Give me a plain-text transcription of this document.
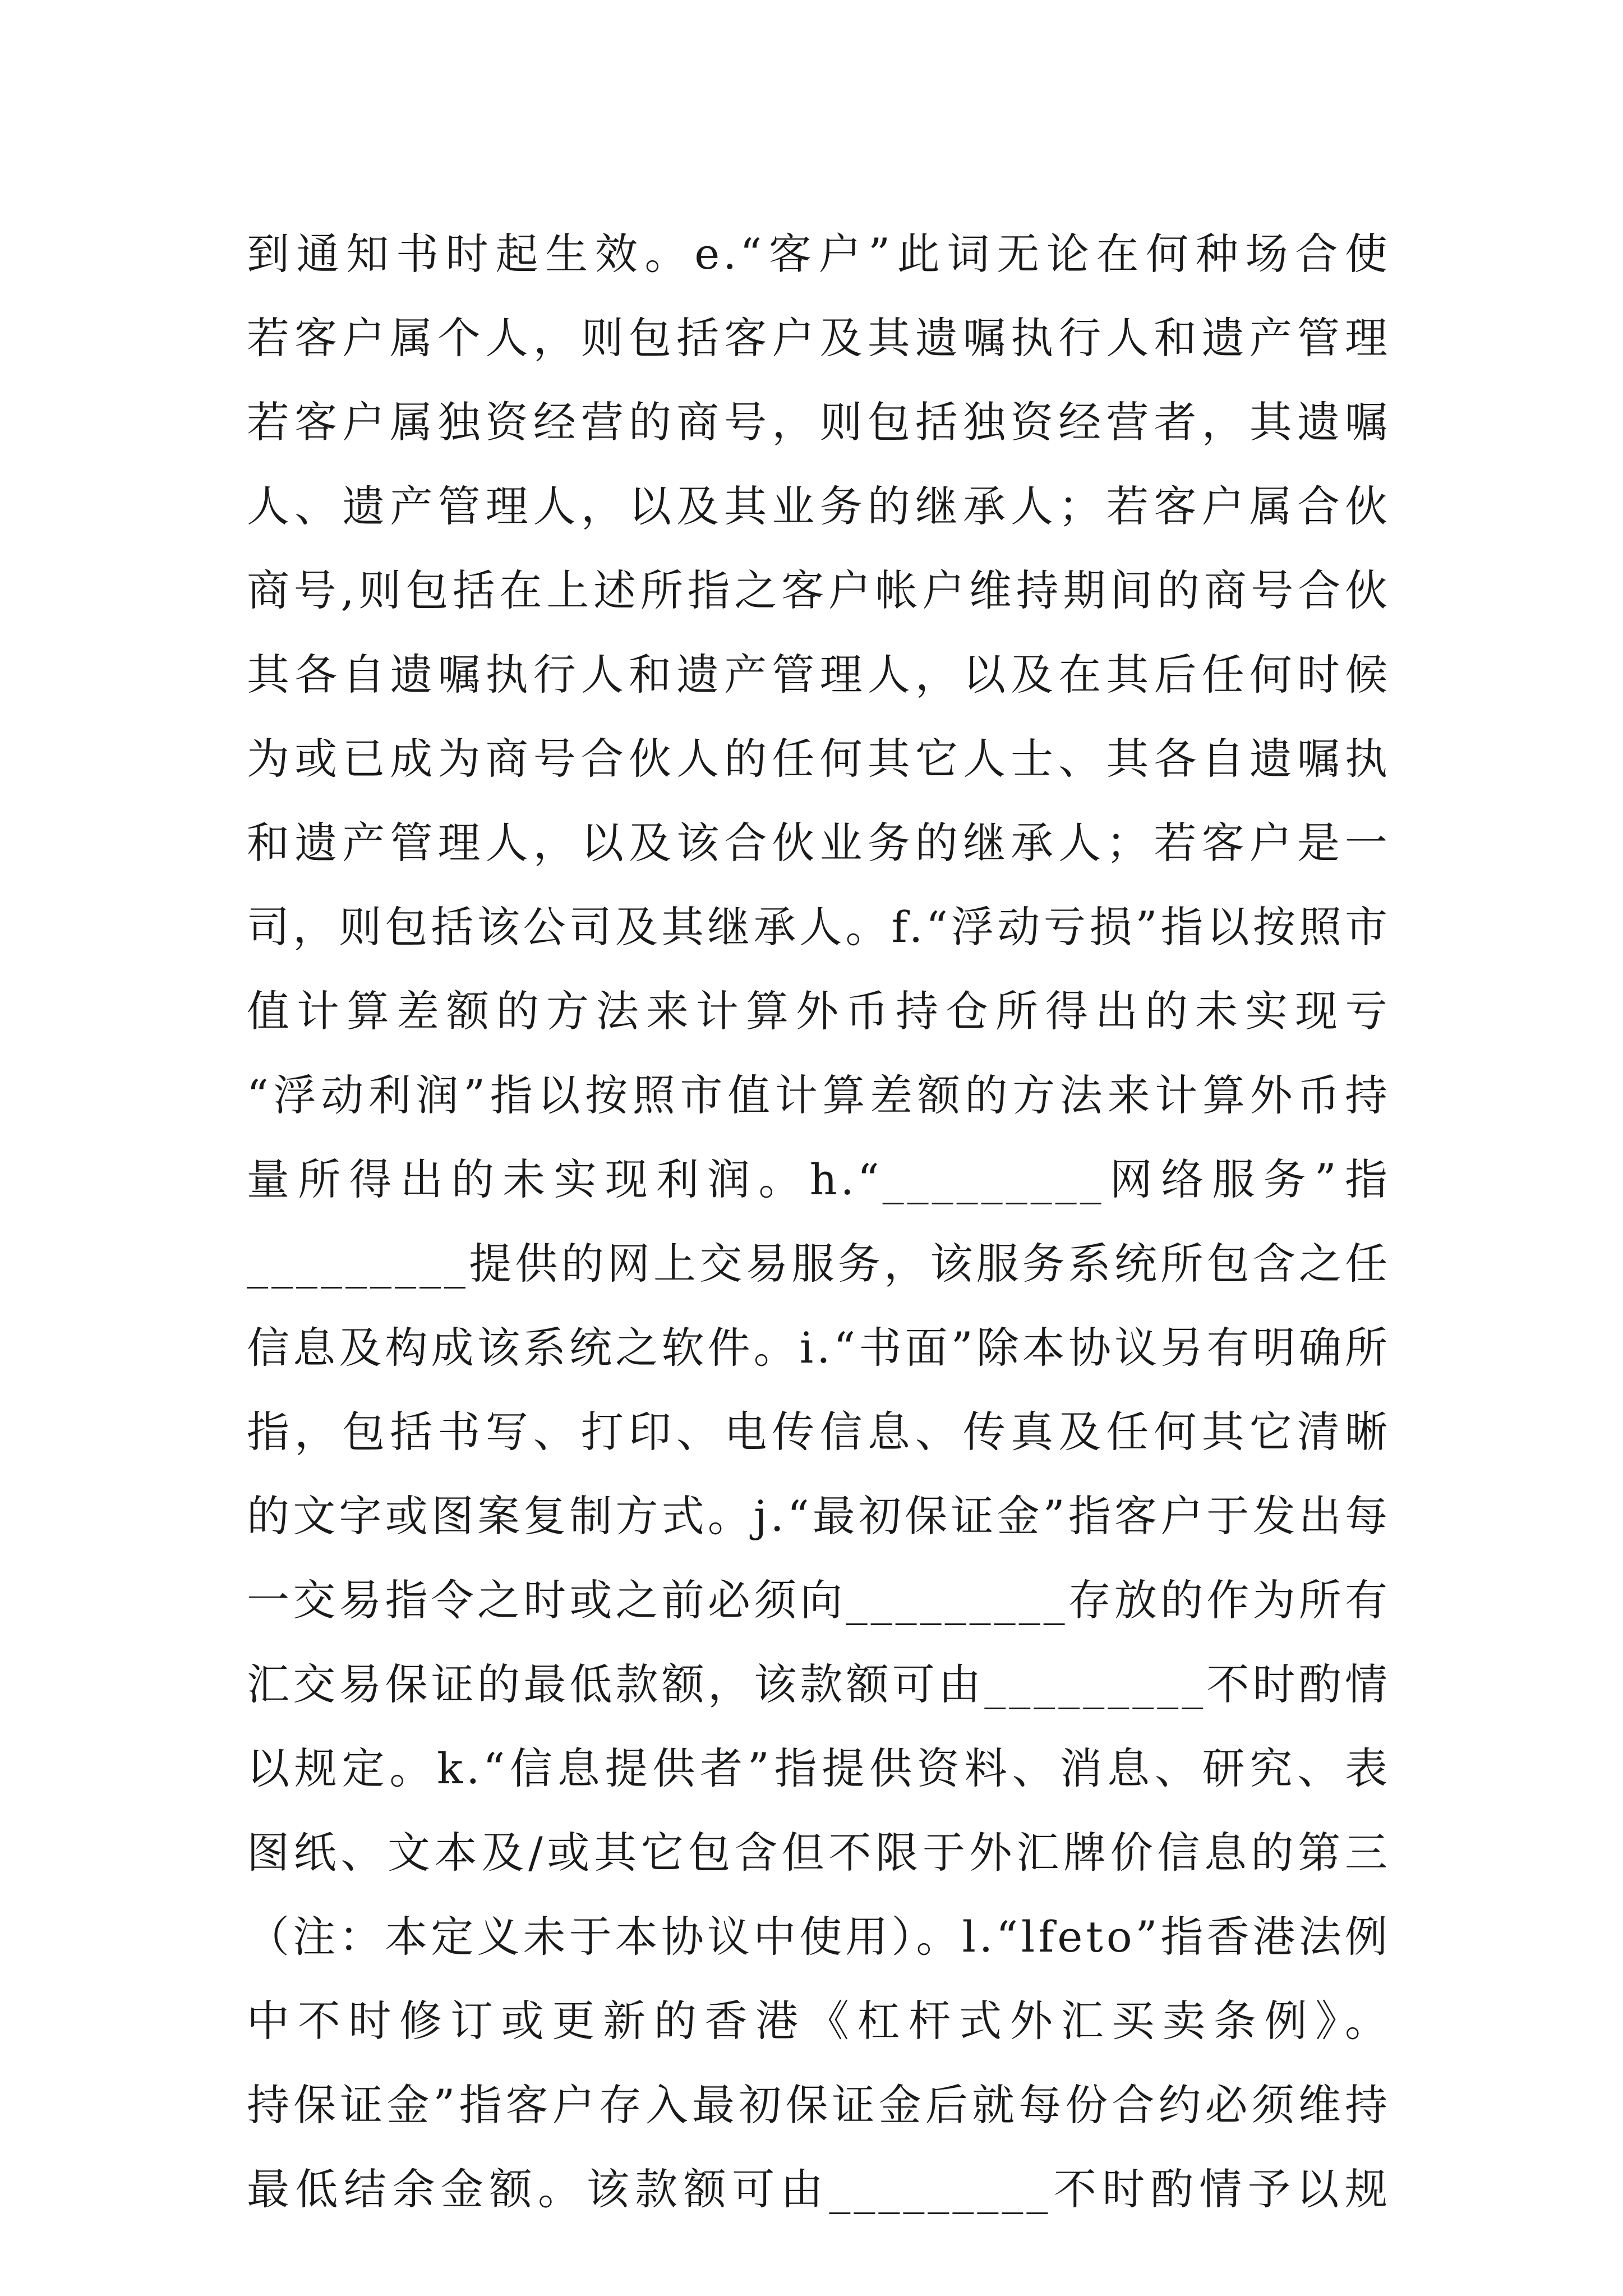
到通知书时起生效。e.“客户”此词无论在何种场合使
若客户属个人，则包括客户及其遗嘱执行人和遗产管理
若客户属独资经营的商号，则包括独资经营者，其遗嘱
人、遗产管理人，以及其业务的继承人；若客户属合伙
商号,则包括在上述所指之客户帐户维持期间的商号合伙
其各自遗嘱执行人和遗产管理人，以及在其后任何时候
为或已成为商号合伙人的任何其它人士、其各自遗嘱执
和遗产管理人，以及该合伙业务的继承人；若客户是一
司，则包括该公司及其继承人。f.“浮动亏损”指以按照市
值计算差额的方法来计算外币持仓所得出的未实现亏
“浮动利润”指以按照市值计算差额的方法来计算外币持
量所得出的未实现利润。h.“_________网络服务”指
_________提供的网上交易服务，该服务系统所包含之任
信息及构成该系统之软件。i.“书面”除本协议另有明确所
指，包括书写、打印、电传信息、传真及任何其它清晰
的文字或图案复制方式。j.“最初保证金”指客户于发出每
一交易指令之时或之前必须向_________存放的作为所有
汇交易保证的最低款额，该款额可由_________不时酌情
以规定。k.“信息提供者”指提供资料、消息、研究、表
图纸、文本及/或其它包含但不限于外汇牌价信息的第三
（注：本定义未于本协议中使用）。l.“lfeto”指香港法例
中不时修订或更新的香港《杠杆式外汇买卖条例》。
持保证金”指客户存入最初保证金后就每份合约必须维持
最低结余金额。该款额可由_________不时酌情予以规
